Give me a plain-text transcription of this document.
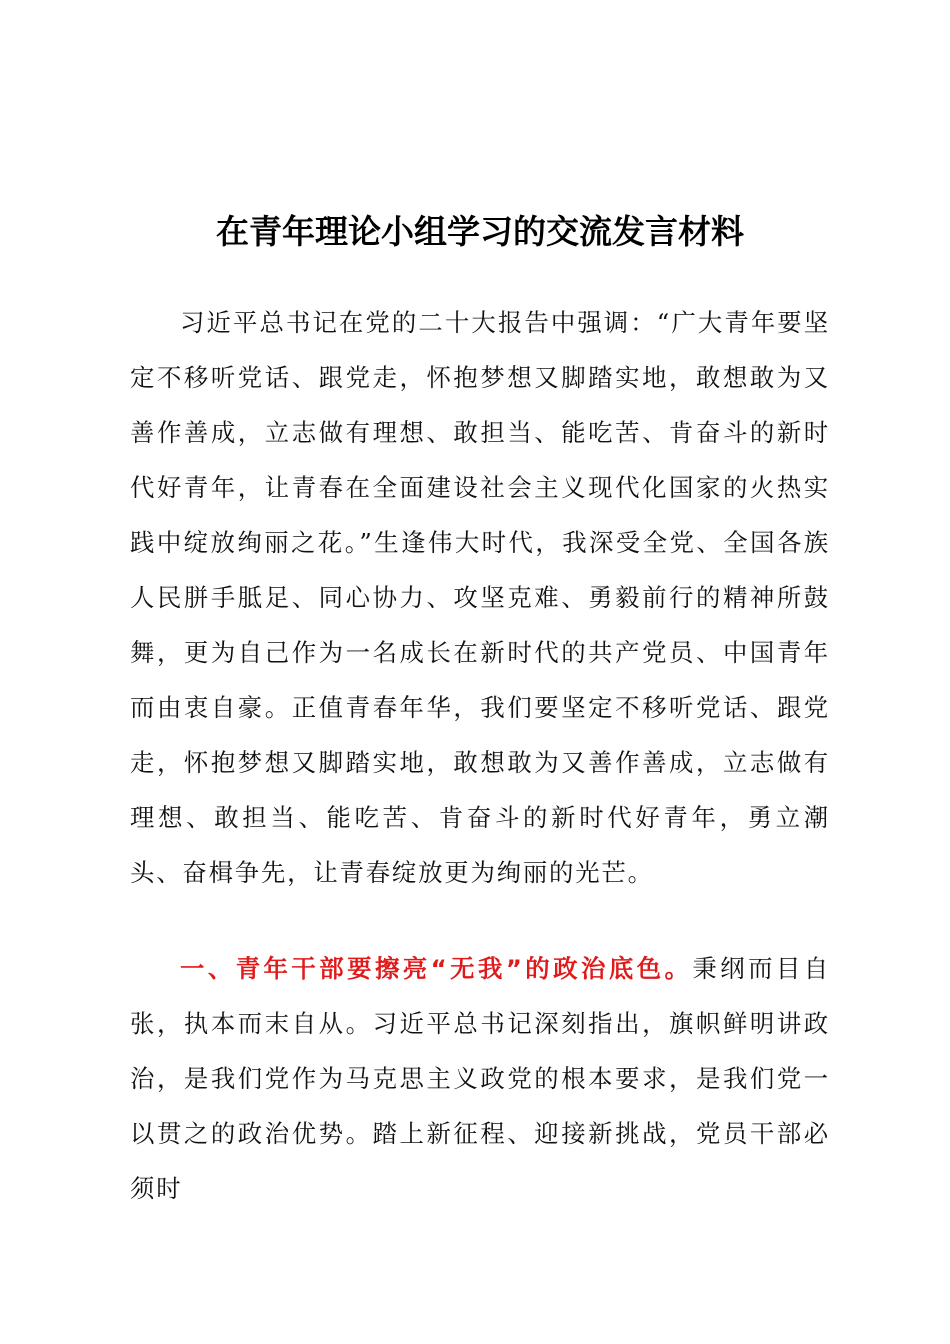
在青年理论小组学习的交流发言材料

习近平总书记在党的二十大报告中强调：“广大青年要坚定不移听党话、跟党走，怀抱梦想又脚踏实地，敢想敢为又善作善成，立志做有理想、敢担当、能吃苦、肯奋斗的新时代好青年，让青春在全面建设社会主义现代化国家的火热实践中绽放绚丽之花。”生逢伟大时代，我深受全党、全国各族人民胼手胝足、同心协力、攻坚克难、勇毅前行的精神所鼓舞，更为自己作为一名成长在新时代的共产党员、中国青年而由衷自豪。正值青春年华，我们要坚定不移听党话、跟党走，怀抱梦想又脚踏实地，敢想敢为又善作善成，立志做有理想、敢担当、能吃苦、肯奋斗的新时代好青年，勇立潮头、奋楫争先，让青春绽放更为绚丽的光芒。

一、青年干部要擦亮“无我”的政治底色。秉纲而目自张，执本而末自从。习近平总书记深刻指出，旗帜鲜明讲政治，是我们党作为马克思主义政党的根本要求，是我们党一以贯之的政治优势。踏上新征程、迎接新挑战，党员干部必须时
